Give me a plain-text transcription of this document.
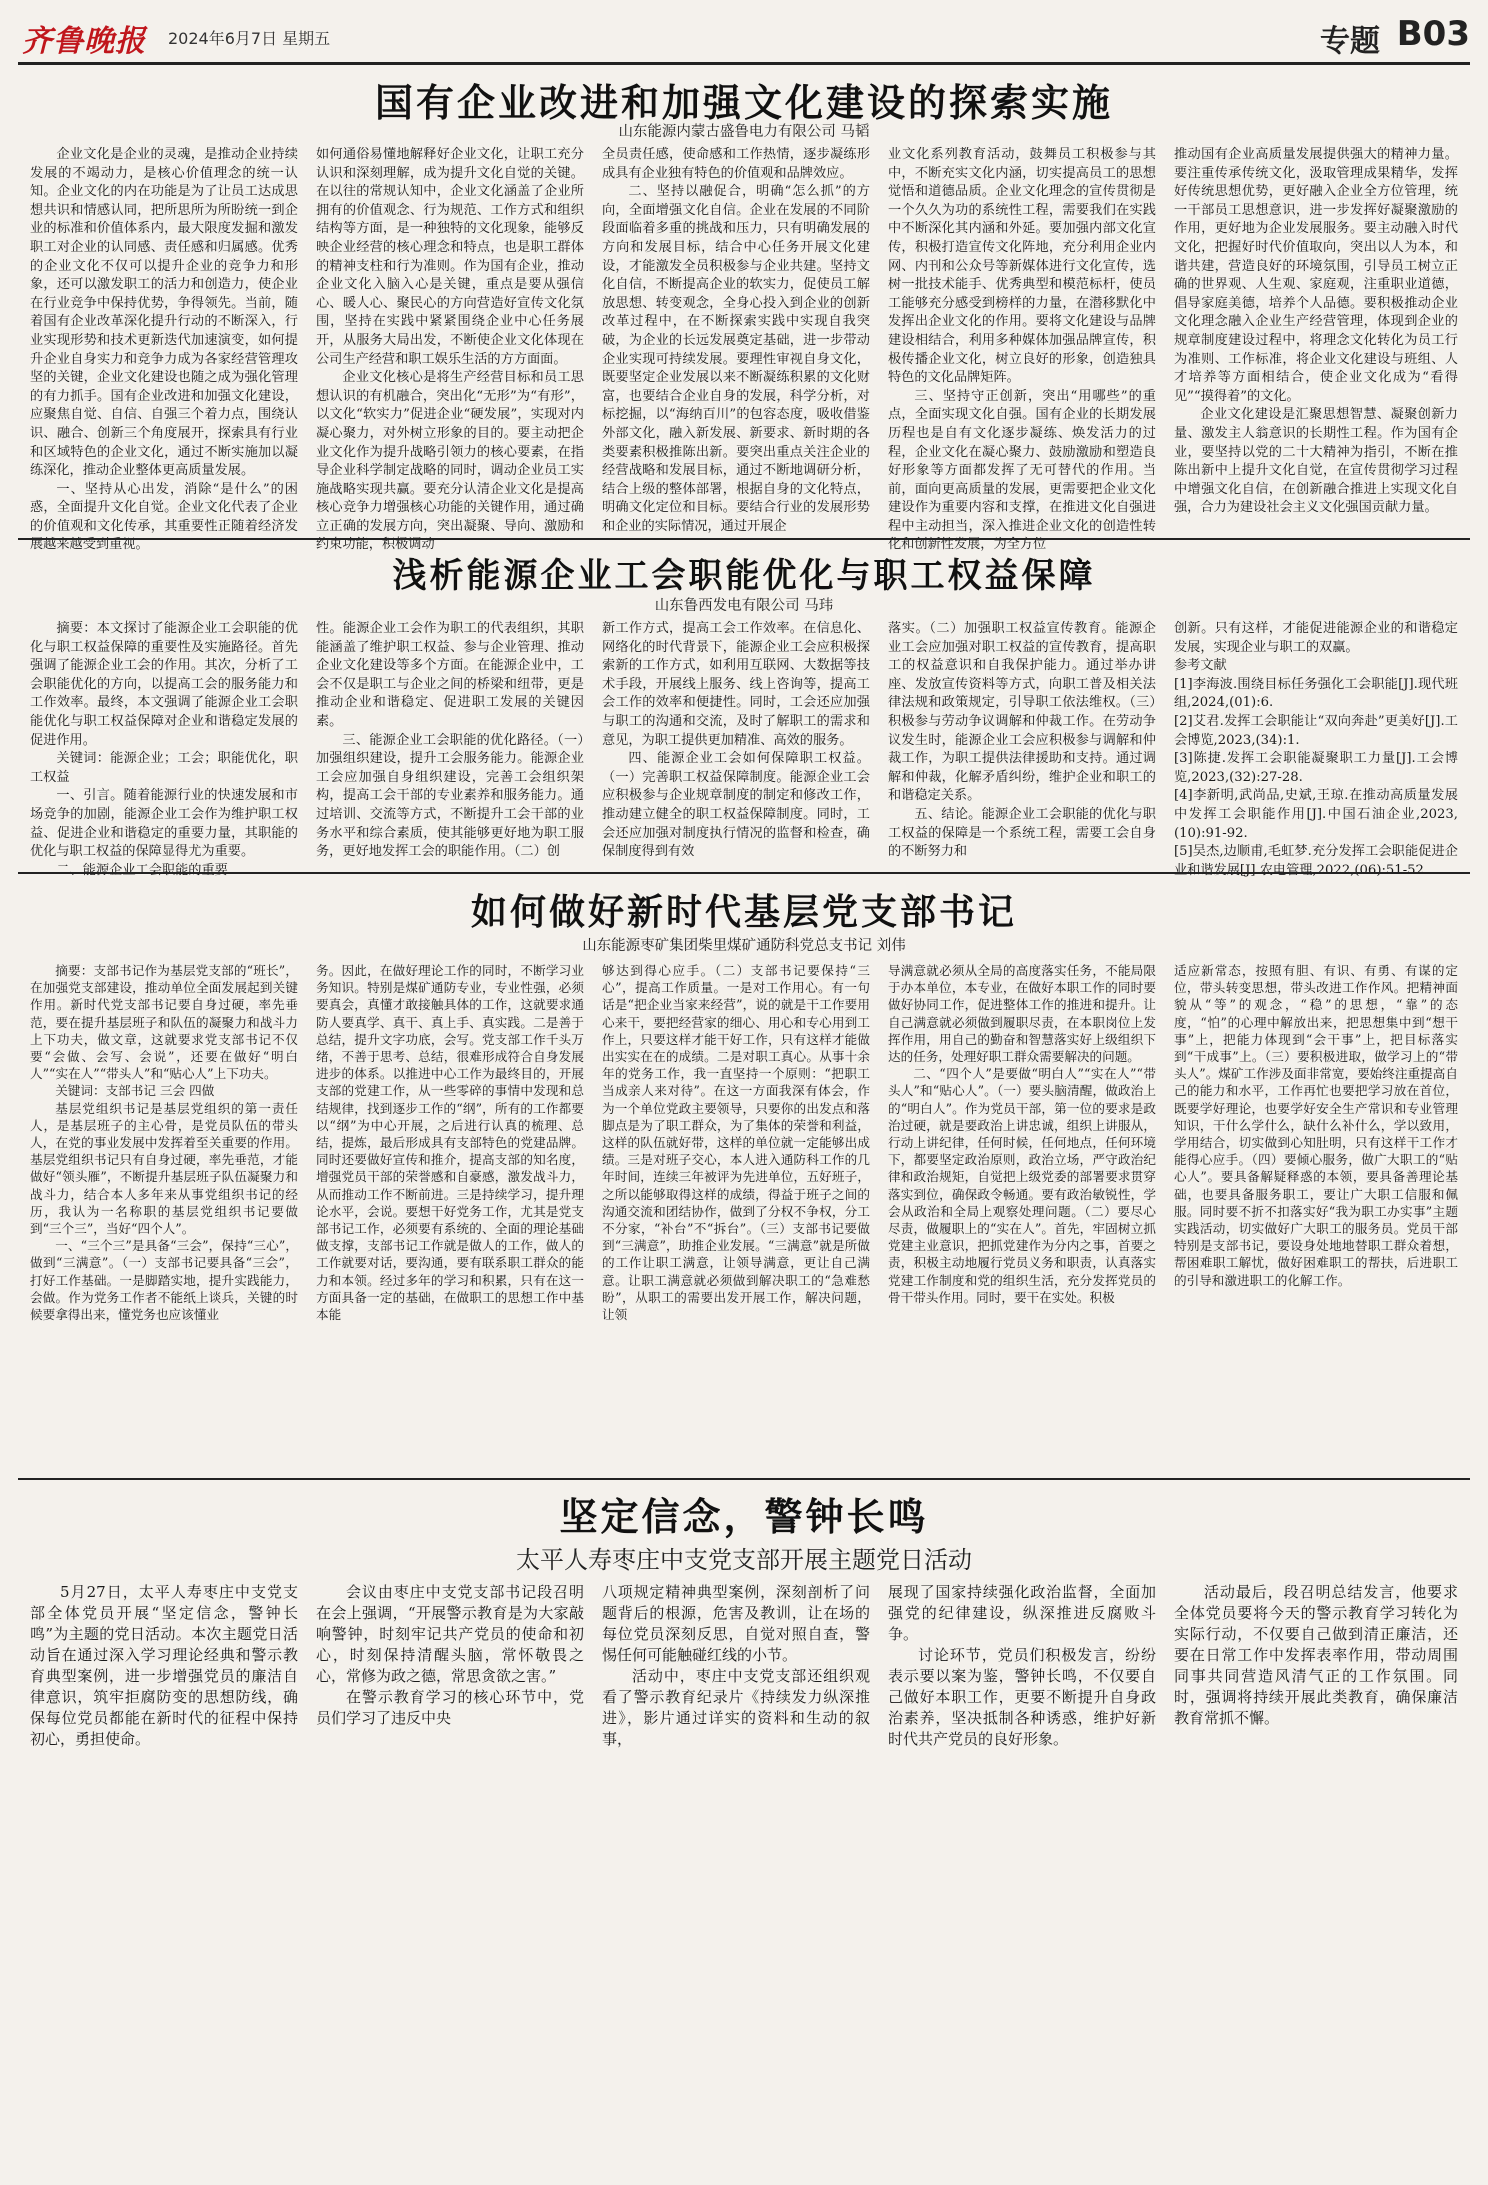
齐鲁晚报 2024年6月7日 星期五	专题 B03
国有企业改进和加强文化建设的探索实施
山东能源内蒙古盛鲁电力有限公司 马韬

企业文化是企业的灵魂，是推动企业持续发展的不竭动力，是核心价值理念的统一认知。企业文化的内在功能是为了让员工达成思想共识和情感认同，把所思所为所盼统一到企业的标准和价值体系内，最大限度发掘和激发职工对企业的认同感、责任感和归属感。优秀的企业文化不仅可以提升企业的竞争力和形象，还可以激发职工的活力和创造力，使企业在行业竞争中保持优势，争得领先。当前，随着国有企业改革深化提升行动的不断深入，行业实现形势和技术更新迭代加速演变，如何提升企业自身实力和竞争力成为各家经营管理攻坚的关键，企业文化建设也随之成为强化管理的有力抓手。国有企业改进和加强文化建设，应聚焦自觉、自信、自强三个着力点，围绕认识、融合、创新三个角度展开，探索具有行业和区域特色的企业文化，通过不断实施加以凝练深化，推动企业整体更高质量发展。

一、坚持从心出发，消除“是什么”的困惑，全面提升文化自觉。企业文化代表了企业的价值观和文化传承，其重要性正随着经济发展越来越受到重视。

如何通俗易懂地解释好企业文化，让职工充分认识和深刻理解，成为提升文化自觉的关键。在以往的常规认知中，企业文化涵盖了企业所拥有的价值观念、行为规范、工作方式和组织结构等方面，是一种独特的文化现象，能够反映企业经营的核心理念和特点，也是职工群体的精神支柱和行为准则。作为国有企业，推动企业文化入脑入心是关键，重点是要从强信心、暖人心、聚民心的方向营造好宣传文化氛围，坚持在实践中紧紧围绕企业中心任务展开，从服务大局出发，不断使企业文化体现在公司生产经营和职工娱乐生活的方方面面。

企业文化核心是将生产经营目标和员工思想认识的有机融合，突出化“无形”为“有形”，以文化“软实力”促进企业“硬发展”，实现对内凝心聚力，对外树立形象的目的。要主动把企业文化作为提升战略引领力的核心要素，在指导企业科学制定战略的同时，调动企业员工实施战略实现共赢。要充分认清企业文化是提高核心竞争力增强核心功能的关键作用，通过确立正确的发展方向，突出凝聚、导向、激励和约束功能，积极调动

全员责任感，使命感和工作热情，逐步凝练形成具有企业独有特色的价值观和品牌效应。

二、坚持以融促合，明确“怎么抓”的方向，全面增强文化自信。企业在发展的不同阶段面临着多重的挑战和压力，只有明确发展的方向和发展目标，结合中心任务开展文化建设，才能激发全员积极参与企业共建。坚持文化自信，不断提高企业的软实力，促使员工解放思想、转变观念，全身心投入到企业的创新改革过程中，在不断探索实践中实现自我突破，为企业的长远发展奠定基础，进一步带动企业实现可持续发展。要理性审视自身文化，既要坚定企业发展以来不断凝练积累的文化财富，也要结合企业自身的发展，科学分析，对标挖掘，以“海纳百川”的包容态度，吸收借鉴外部文化，融入新发展、新要求、新时期的各类要素积极推陈出新。要突出重点关注企业的经营战略和发展目标，通过不断地调研分析，结合上级的整体部署，根据自身的文化特点，明确文化定位和目标。要结合行业的发展形势和企业的实际情况，通过开展企

业文化系列教育活动，鼓舞员工积极参与其中，不断充实文化内涵，切实提高员工的思想觉悟和道德品质。企业文化理念的宣传贯彻是一个久久为功的系统性工程，需要我们在实践中不断深化其内涵和外延。要加强内部文化宣传，积极打造宣传文化阵地，充分利用企业内网、内刊和公众号等新媒体进行文化宣传，选树一批技术能手、优秀典型和模范标杆，使员工能够充分感受到榜样的力量，在潜移默化中发挥出企业文化的作用。要将文化建设与品牌建设相结合，利用多种媒体加强品牌宣传，积极传播企业文化，树立良好的形象，创造独具特色的文化品牌矩阵。

三、坚持守正创新，突出“用哪些”的重点，全面实现文化自强。国有企业的长期发展历程也是自有文化逐步凝练、焕发活力的过程，企业文化在凝心聚力、鼓励激励和塑造良好形象等方面都发挥了无可替代的作用。当前，面向更高质量的发展，更需要把企业文化建设作为重要内容和支撑，在推进文化自强进程中主动担当，深入推进企业文化的创造性转化和创新性发展，为全方位

推动国有企业高质量发展提供强大的精神力量。要注重传承传统文化，汲取管理成果精华，发挥好传统思想优势，更好融入企业全方位管理，统一干部员工思想意识，进一步发挥好凝聚激励的作用，更好地为企业发展服务。要主动融入时代文化，把握好时代价值取向，突出以人为本，和谐共建，营造良好的环境氛围，引导员工树立正确的世界观、人生观、家庭观，注重职业道德，倡导家庭美德，培养个人品德。要积极推动企业文化理念融入企业生产经营管理，体现到企业的规章制度建设过程中，将理念文化转化为员工行为准则、工作标准，将企业文化建设与班组、人才培养等方面相结合，使企业文化成为“看得见”“摸得着”的文化。

企业文化建设是汇聚思想智慧、凝聚创新力量、激发主人翁意识的长期性工程。作为国有企业，要坚持以党的二十大精神为指引，不断在推陈出新中上提升文化自觉，在宣传贯彻学习过程中增强文化自信，在创新融合推进上实现文化自强，合力为建设社会主义文化强国贡献力量。

浅析能源企业工会职能优化与职工权益保障
山东鲁西发电有限公司 马玮

摘要：本文探讨了能源企业工会职能的优化与职工权益保障的重要性及实施路径。首先强调了能源企业工会的作用。其次，分析了工会职能优化的方向，以提高工会的服务能力和工作效率。最终，本文强调了能源企业工会职能优化与职工权益保障对企业和谐稳定发展的促进作用。

关键词：能源企业；工会；职能优化，职工权益

一、引言。随着能源行业的快速发展和市场竞争的加剧，能源企业工会作为维护职工权益、促进企业和谐稳定的重要力量，其职能的优化与职工权益的保障显得尤为重要。

二、能源企业工会职能的重要

性。能源企业工会作为职工的代表组织，其职能涵盖了维护职工权益、参与企业管理、推动企业文化建设等多个方面。在能源企业中，工会不仅是职工与企业之间的桥梁和纽带，更是推动企业和谐稳定、促进职工发展的关键因素。

三、能源企业工会职能的优化路径。（一）加强组织建设，提升工会服务能力。能源企业工会应加强自身组织建设，完善工会组织架构，提高工会干部的专业素养和服务能力。通过培训、交流等方式，不断提升工会干部的业务水平和综合素质，使其能够更好地为职工服务，更好地发挥工会的职能作用。（二）创

新工作方式，提高工会工作效率。在信息化、网络化的时代背景下，能源企业工会应积极探索新的工作方式，如利用互联网、大数据等技术手段，开展线上服务、线上咨询等，提高工会工作的效率和便捷性。同时，工会还应加强与职工的沟通和交流，及时了解职工的需求和意见，为职工提供更加精准、高效的服务。

四、能源企业工会如何保障职工权益。（一）完善职工权益保障制度。能源企业工会应积极参与企业规章制度的制定和修改工作，推动建立健全的职工权益保障制度。同时，工会还应加强对制度执行情况的监督和检查，确保制度得到有效

落实。（二）加强职工权益宣传教育。能源企业工会应加强对职工权益的宣传教育，提高职工的权益意识和自我保护能力。通过举办讲座、发放宣传资料等方式，向职工普及相关法律法规和政策规定，引导职工依法维权。（三）积极参与劳动争议调解和仲裁工作。在劳动争议发生时，能源企业工会应积极参与调解和仲裁工作，为职工提供法律援助和支持。通过调解和仲裁，化解矛盾纠纷，维护企业和职工的和谐稳定关系。

五、结论。能源企业工会职能的优化与职工权益的保障是一个系统工程，需要工会自身的不断努力和

创新。只有这样，才能促进能源企业的和谐稳定发展，实现企业与职工的双赢。

参考文献

[1]李海波.围绕目标任务强化工会职能[J].现代班组,2024,(01):6.

[2]艾君.发挥工会职能让“双向奔赴”更美好[J].工会博览,2023,(34):1.

[3]陈捷.发挥工会职能凝聚职工力量[J].工会博览,2023,(32):27-28.

[4]李新明,武尚品,史斌,王琼.在推动高质量发展中发挥工会职能作用[J].中国石油企业,2023,(10):91-92.

[5]吴杰,边顺甫,毛虹梦.充分发挥工会职能促进企业和谐发展[J].农电管理,2022,(06):51-52.

如何做好新时代基层党支部书记
山东能源枣矿集团柴里煤矿通防科党总支书记 刘伟

摘要：支部书记作为基层党支部的“班长”，在加强党支部建设，推动单位全面发展起到关键作用。新时代党支部书记要自身过硬，率先垂范，要在提升基层班子和队伍的凝聚力和战斗力上下功夫，做文章，这就要求党支部书记不仅要“会做、会写、会说”，还要在做好“明白人”“实在人”“带头人”和“贴心人”上下功夫。

关键词：支部书记 三会 四做

基层党组织书记是基层党组织的第一责任人，是基层班子的主心骨，是党员队伍的带头人，在党的事业发展中发挥着至关重要的作用。基层党组织书记只有自身过硬，率先垂范，才能做好“领头雁”，不断提升基层班子队伍凝聚力和战斗力，结合本人多年来从事党组织书记的经历，我认为一名称职的基层党组织书记要做到“三个三”，当好“四个人”。

一、“三个三”是具备“三会”，保持“三心”，做到“三满意”。（一）支部书记要具备“三会”，打好工作基础。一是脚踏实地，提升实践能力，会做。作为党务工作者不能纸上谈兵，关键的时候要拿得出来，懂党务也应该懂业

务。因此，在做好理论工作的同时，不断学习业务知识。特别是煤矿通防专业，专业性强，必须要真会，真懂才敢接触具体的工作，这就要求通防人要真学、真干、真上手、真实践。二是善于总结，提升文字功底，会写。党支部工作千头万绪，不善于思考、总结，很难形成符合自身发展进步的体系。以推进中心工作为最终目的，开展支部的党建工作，从一些零碎的事情中发现和总结规律，找到逐步工作的“纲”，所有的工作都要以“纲”为中心开展，之后进行认真的梳理、总结，提炼，最后形成具有支部特色的党建品牌。同时还要做好宣传和推介，提高支部的知名度，增强党员干部的荣誉感和自豪感，激发战斗力，从而推动工作不断前进。三是持续学习，提升理论水平，会说。要想干好党务工作，尤其是党支部书记工作，必须要有系统的、全面的理论基础做支撑，支部书记工作就是做人的工作，做人的工作就要对话，要沟通，要有联系职工群众的能力和本领。经过多年的学习和积累，只有在这一方面具备一定的基础，在做职工的思想工作中基本能

够达到得心应手。（二）支部书记要保持“三心”，提高工作质量。一是对工作用心。有一句话是“把企业当家来经营”，说的就是干工作要用心来干，要把经营家的细心、用心和专心用到工作上，只要这样才能干好工作，只有这样才能做出实实在在的成绩。二是对职工真心。从事十余年的党务工作，我一直坚持一个原则：“把职工当成亲人来对待”。在这一方面我深有体会，作为一个单位党政主要领导，只要你的出发点和落脚点是为了职工群众，为了集体的荣誉和利益，这样的队伍就好带，这样的单位就一定能够出成绩。三是对班子交心，本人进入通防科工作的几年时间，连续三年被评为先进单位，五好班子，之所以能够取得这样的成绩，得益于班子之间的沟通交流和团结协作，做到了分权不争权，分工不分家，“补台”不“拆台”。（三）支部书记要做到“三满意”，助推企业发展。“三满意”就是所做的工作让职工满意，让领导满意，更让自己满意。让职工满意就必须做到解决职工的“急难愁盼”，从职工的需要出发开展工作，解决问题，让领

导满意就必须从全局的高度落实任务，不能局限于办本单位，本专业，在做好本职工作的同时要做好协同工作，促进整体工作的推进和提升。让自己满意就必须做到履职尽责，在本职岗位上发挥作用，用自己的勤奋和智慧落实好上级组织下达的任务，处理好职工群众需要解决的问题。

二、“四个人”是要做“明白人”“实在人”“带头人”和“贴心人”。（一）要头脑清醒，做政治上的“明白人”。作为党员干部，第一位的要求是政治过硬，就是要政治上讲忠诚，组织上讲服从，行动上讲纪律，任何时候，任何地点，任何环境下，都要坚定政治原则，政治立场，严守政治纪律和政治规矩，自觉把上级党委的部署要求贯穿落实到位，确保政令畅通。要有政治敏锐性，学会从政治和全局上观察处理问题。（二）要尽心尽责，做履职上的“实在人”。首先，牢固树立抓党建主业意识，把抓党建作为分内之事，首要之责，积极主动地履行党员义务和职责，认真落实党建工作制度和党的组织生活，充分发挥党员的骨干带头作用。同时，要干在实处。积极

适应新常态，按照有胆、有识、有勇、有谋的定位，带头转变思想，带头改进工作作风。把精神面貌从“等”的观念，“稳”的思想，“靠”的态度，“怕”的心理中解放出来，把思想集中到“想干事”上，把能力体现到“会干事”上，把目标落实到“干成事”上。（三）要积极进取，做学习上的“带头人”。煤矿工作涉及面非常宽，要始终注重提高自己的能力和水平，工作再忙也要把学习放在首位，既要学好理论，也要学好安全生产常识和专业管理知识，干什么学什么，缺什么补什么，学以致用，学用结合，切实做到心知肚明，只有这样干工作才能得心应手。（四）要倾心服务，做广大职工的“贴心人”。要具备解疑释惑的本领，要具备善理论基础，也要具备服务职工，要让广大职工信服和佩服。同时要不折不扣落实好“我为职工办实事”主题实践活动，切实做好广大职工的服务员。党员干部特别是支部书记，要设身处地地替职工群众着想，帮困难职工解忧，做好困难职工的帮扶，后进职工的引导和激进职工的化解工作。

坚定信念，警钟长鸣
太平人寿枣庄中支党支部开展主题党日活动

5月27日，太平人寿枣庄中支党支部全体党员开展“坚定信念，警钟长鸣”为主题的党日活动。本次主题党日活动旨在通过深入学习理论经典和警示教育典型案例，进一步增强党员的廉洁自律意识，筑牢拒腐防变的思想防线，确保每位党员都能在新时代的征程中保持初心，勇担使命。

会议由枣庄中支党支部书记段召明在会上强调，“开展警示教育是为大家敲响警钟，时刻牢记共产党员的使命和初心，时刻保持清醒头脑，常怀敬畏之心，常修为政之德，常思贪欲之害。”

在警示教育学习的核心环节中，党员们学习了违反中央

八项规定精神典型案例，深刻剖析了问题背后的根源，危害及教训，让在场的每位党员深刻反思，自觉对照自查，警惕任何可能触碰红线的小节。

活动中，枣庄中支党支部还组织观看了警示教育纪录片《持续发力纵深推进》，影片通过详实的资料和生动的叙事，

展现了国家持续强化政治监督，全面加强党的纪律建设，纵深推进反腐败斗争。

讨论环节，党员们积极发言，纷纷表示要以案为鉴，警钟长鸣，不仅要自己做好本职工作，更要不断提升自身政治素养，坚决抵制各种诱惑，维护好新时代共产党员的良好形象。

活动最后，段召明总结发言，他要求全体党员要将今天的警示教育学习转化为实际行动，不仅要自己做到清正廉洁，还要在日常工作中发挥表率作用，带动周围同事共同营造风清气正的工作氛围。同时，强调将持续开展此类教育，确保廉洁教育常抓不懈。
